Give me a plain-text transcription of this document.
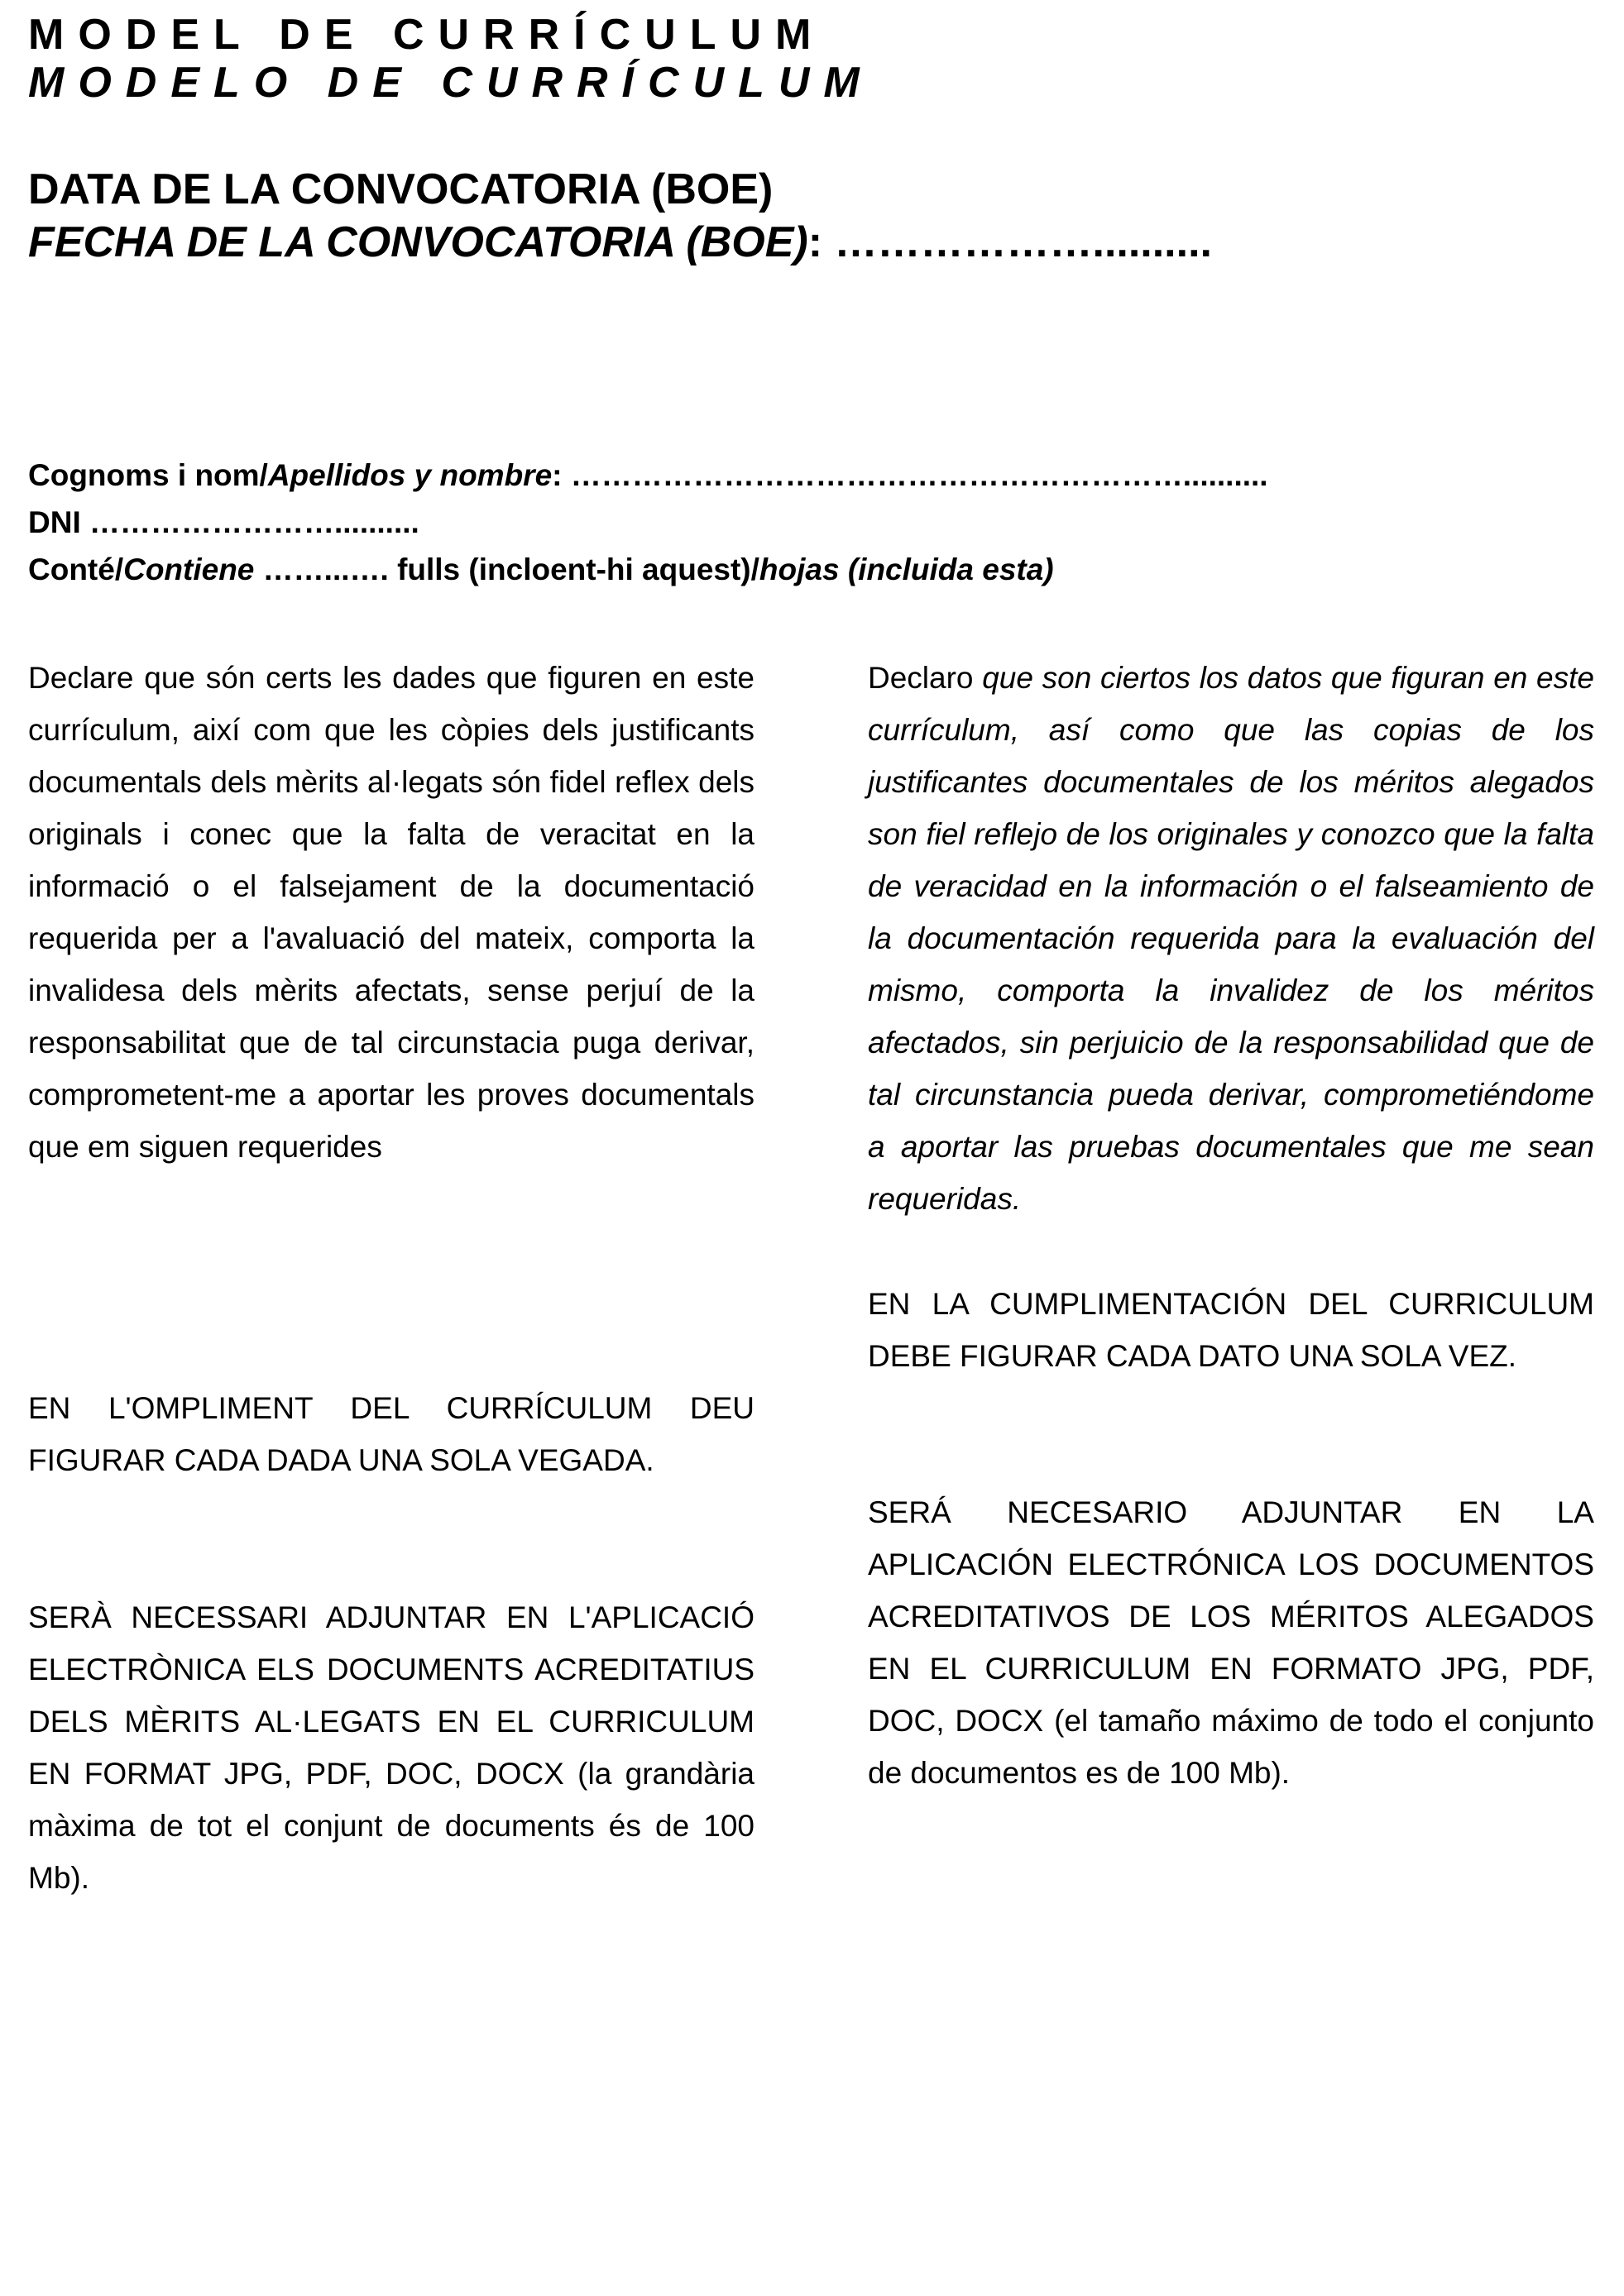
MODEL DE CURRÍCULUM
MODELO DE CURRÍCULUM
DATA DE LA CONVOCATORIA (BOE)
FECHA DE LA CONVOCATORIA (BOE): ………………..........
Cognoms i nom/Apellidos y nombre: ……………………………………………………..........
DNI ……………………..........
Conté/Contiene ……...…. fulls (incloent-hi aquest)/hojas (incluida esta)

Declare que són certs les dades que figuren en este currículum, així com que les còpies dels justificants documentals dels mèrits al·legats són fidel reflex dels originals i conec que la falta de veracitat en la informació o el falsejament de la documentació requerida per a l'avaluació del mateix, comporta la invalidesa dels mèrits afectats, sense perjuí de la responsabilitat que de tal circunstacia puga derivar, comprometent-me a aportar les proves documentals que em siguen requerides

Declaro que son ciertos los datos que figuran en este currículum, así como que las copias de los justificantes documentales de los méritos alegados son fiel reflejo de los originales y conozco que la falta de veracidad en la información o el falseamiento de la documentación requerida para la evaluación del mismo, comporta la invalidez de los méritos afectados, sin perjuicio de la responsabilidad que de tal circunstancia pueda derivar, comprometiéndome a aportar las pruebas documentales que me sean requeridas.

EN LA CUMPLIMENTACIÓN DEL CURRICULUM DEBE FIGURAR CADA DATO UNA SOLA VEZ.

EN L'OMPLIMENT DEL CURRÍCULUM DEU FIGURAR CADA DADA UNA SOLA VEGADA.

SERÁ NECESARIO ADJUNTAR EN LA APLICACIÓN ELECTRÓNICA LOS DOCUMENTOS ACREDITATIVOS DE LOS MÉRITOS ALEGADOS EN EL CURRICULUM EN FORMATO JPG, PDF, DOC, DOCX (el tamaño máximo de todo el conjunto de documentos es de 100 Mb).

SERÀ NECESSARI ADJUNTAR EN L'APLICACIÓ ELECTRÒNICA ELS DOCUMENTS ACREDITATIUS DELS MÈRITS AL·LEGATS EN EL CURRICULUM EN FORMAT JPG, PDF, DOC, DOCX (la grandària màxima de tot el conjunt de documents és de 100 Mb).
